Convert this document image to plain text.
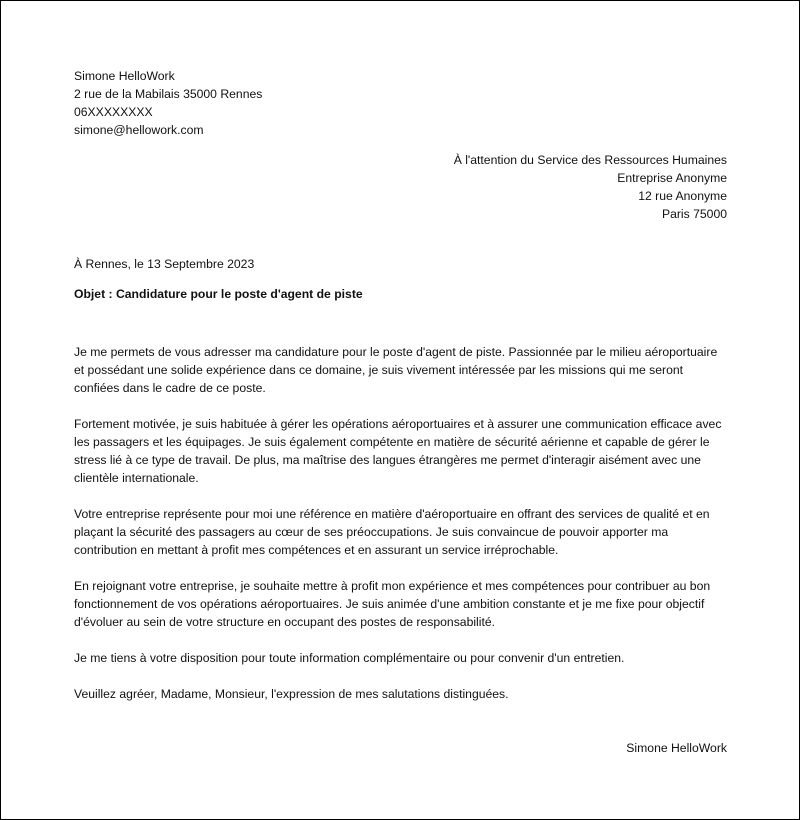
Simone HelloWork
2 rue de la Mabilais 35000 Rennes
06XXXXXXXX
simone@hellowork.com
À l'attention du Service des Ressources Humaines
Entreprise Anonyme
12 rue Anonyme
Paris 75000
À Rennes, le 13 Septembre 2023
Objet : Candidature pour le poste d'agent de piste

Je me permets de vous adresser ma candidature pour le poste d'agent de piste. Passionnée par le milieu aéroportuaire et possédant une solide expérience dans ce domaine, je suis vivement intéressée par les missions qui me seront confiées dans le cadre de ce poste.

Fortement motivée, je suis habituée à gérer les opérations aéroportuaires et à assurer une communication efficace avec les passagers et les équipages. Je suis également compétente en matière de sécurité aérienne et capable de gérer le stress lié à ce type de travail. De plus, ma maîtrise des langues étrangères me permet d'interagir aisément avec une clientèle internationale.

Votre entreprise représente pour moi une référence en matière d'aéroportuaire en offrant des services de qualité et en plaçant la sécurité des passagers au cœur de ses préoccupations. Je suis convaincue de pouvoir apporter ma contribution en mettant à profit mes compétences et en assurant un service irréprochable.

En rejoignant votre entreprise, je souhaite mettre à profit mon expérience et mes compétences pour contribuer au bon fonctionnement de vos opérations aéroportuaires. Je suis animée d'une ambition constante et je me fixe pour objectif d'évoluer au sein de votre structure en occupant des postes de responsabilité.

Je me tiens à votre disposition pour toute information complémentaire ou pour convenir d'un entretien.

Veuillez agréer, Madame, Monsieur, l'expression de mes salutations distinguées.

Simone HelloWork
